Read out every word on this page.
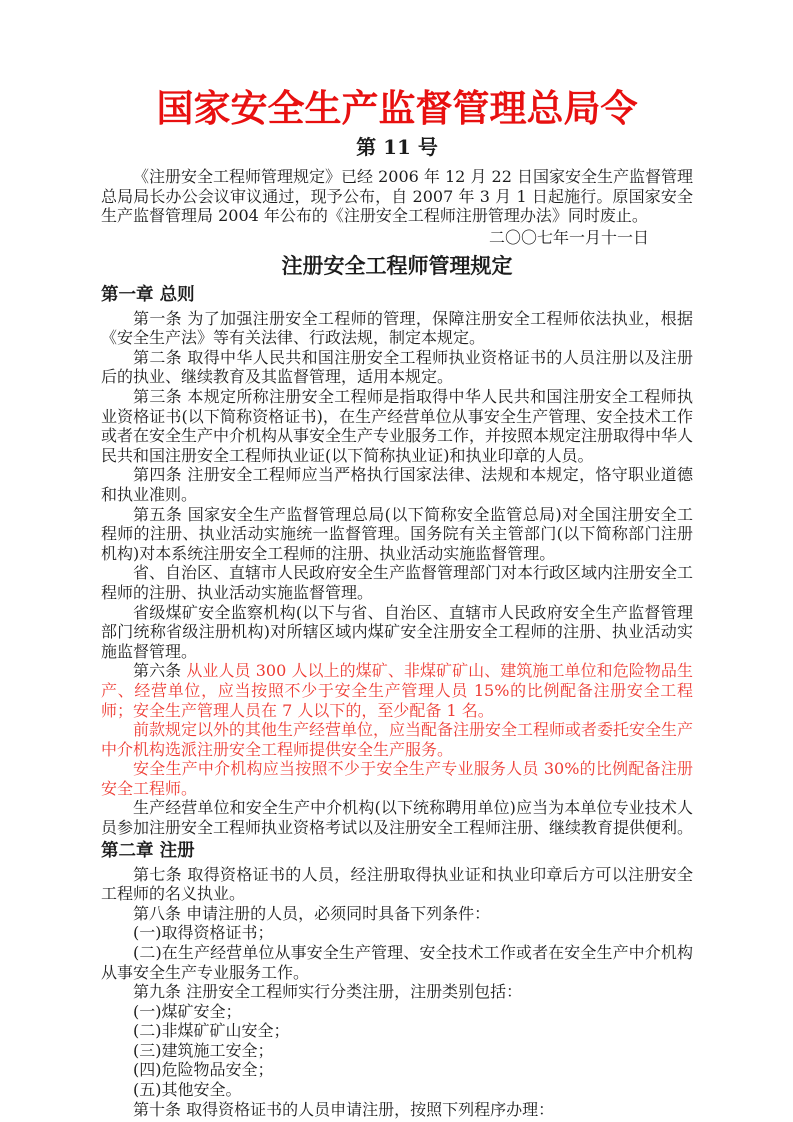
国家安全生产监督管理总局令
第 11 号

《注册安全工程师管理规定》已经 2006 年 12 月 22 日国家安全生产监督管理总局局长办公会议审议通过，现予公布，自 2007 年 3 月 1 日起施行。原国家安全生产监督管理局 2004 年公布的《注册安全工程师注册管理办法》同时废止。

二〇〇七年一月十一日
注册安全工程师管理规定
第一章 总则

第一条 为了加强注册安全工程师的管理，保障注册安全工程师依法执业，根据《安全生产法》等有关法律、行政法规，制定本规定。

第二条 取得中华人民共和国注册安全工程师执业资格证书的人员注册以及注册后的执业、继续教育及其监督管理，适用本规定。

第三条 本规定所称注册安全工程师是指取得中华人民共和国注册安全工程师执业资格证书(以下简称资格证书)，在生产经营单位从事安全生产管理、安全技术工作或者在安全生产中介机构从事安全生产专业服务工作，并按照本规定注册取得中华人民共和国注册安全工程师执业证(以下简称执业证)和执业印章的人员。

第四条 注册安全工程师应当严格执行国家法律、法规和本规定，恪守职业道德和执业准则。

第五条 国家安全生产监督管理总局(以下简称安全监管总局)对全国注册安全工程师的注册、执业活动实施统一监督管理。国务院有关主管部门(以下简称部门注册机构)对本系统注册安全工程师的注册、执业活动实施监督管理。

省、自治区、直辖市人民政府安全生产监督管理部门对本行政区域内注册安全工程师的注册、执业活动实施监督管理。

省级煤矿安全监察机构(以下与省、自治区、直辖市人民政府安全生产监督管理部门统称省级注册机构)对所辖区域内煤矿安全注册安全工程师的注册、执业活动实施监督管理。

第六条 从业人员 300 人以上的煤矿、非煤矿矿山、建筑施工单位和危险物品生产、经营单位，应当按照不少于安全生产管理人员 15%的比例配备注册安全工程师；安全生产管理人员在 7 人以下的，至少配备 1 名。

前款规定以外的其他生产经营单位，应当配备注册安全工程师或者委托安全生产中介机构选派注册安全工程师提供安全生产服务。

安全生产中介机构应当按照不少于安全生产专业服务人员 30%的比例配备注册安全工程师。

生产经营单位和安全生产中介机构(以下统称聘用单位)应当为本单位专业技术人员参加注册安全工程师执业资格考试以及注册安全工程师注册、继续教育提供便利。

第二章 注册

第七条 取得资格证书的人员，经注册取得执业证和执业印章后方可以注册安全工程师的名义执业。

第八条 申请注册的人员，必须同时具备下列条件：

(一)取得资格证书；

(二)在生产经营单位从事安全生产管理、安全技术工作或者在安全生产中介机构从事安全生产专业服务工作。

第九条 注册安全工程师实行分类注册，注册类别包括：

(一)煤矿安全；

(二)非煤矿矿山安全；

(三)建筑施工安全；

(四)危险物品安全；

(五)其他安全。

第十条 取得资格证书的人员申请注册，按照下列程序办理：
